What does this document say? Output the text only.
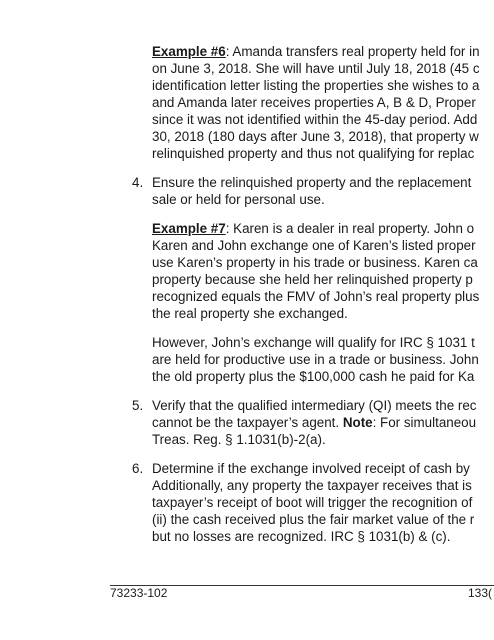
Example #6: Amanda transfers real property held for in
on June 3, 2018. She will have until July 18, 2018 (45 c
identification letter listing the properties she wishes to a
and Amanda later receives properties A, B & D, Proper
since it was not identified within the 45-day period. Add
30, 2018 (180 days after June 3, 2018), that property w
relinquished property and thus not qualifying for replac
4. Ensure the relinquished property and the replacement
sale or held for personal use.
Example #7: Karen is a dealer in real property. John o
Karen and John exchange one of Karen’s listed proper
use Karen’s property in his trade or business. Karen ca
property because she held her relinquished property p
recognized equals the FMV of John’s real property plus
the real property she exchanged.
However, John’s exchange will qualify for IRC § 1031 t
are held for productive use in a trade or business. John
the old property plus the $100,000 cash he paid for Ka
5. Verify that the qualified intermediary (QI) meets the rec
cannot be the taxpayer’s agent. Note: For simultaneou
Treas. Reg. § 1.1031(b)-2(a).
6. Determine if the exchange involved receipt of cash by
Additionally, any property the taxpayer receives that is
taxpayer’s receipt of boot will trigger the recognition of
(ii) the cash received plus the fair market value of the r
but no losses are recognized. IRC § 1031(b) & (c).
73233-102	133(
